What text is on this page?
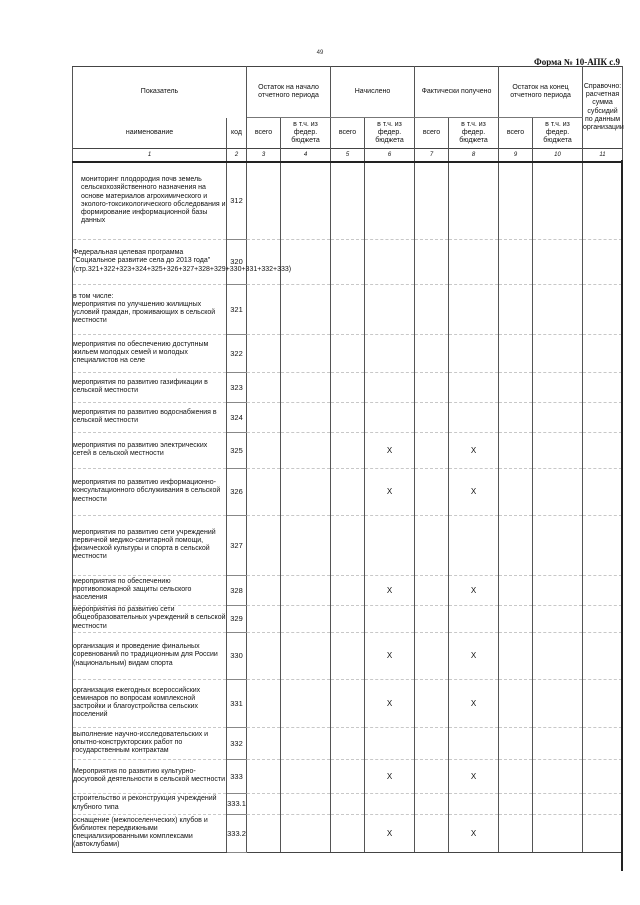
49
Форма № 10-АПК с.9
Показатель		Остаток на начало отчетного периода		Начислено		Фактически получено		Остаток на конец отчетного периода		Справочно: расчетная сумма субсидий по данным организации
наименование	код	всего	в т.ч. из федер. бюджета	всего	в т.ч. из федер. бюджета	всего	в т.ч. из федер. бюджета	всего	в т.ч. из федер. бюджета	
1	2	3	4	5	6	7	8	9	10	11
мониторинг плодородия почв земель сельскохозяйственного назначения на основе материалов агрохимического и эколого-токсикологического обследования и формирование информационной базы данных	312									
Федеральная целевая программа "Социальное развитие села до 2013 года" (стр.321+322+323+324+325+326+327+328+329+330+331+332+333)	320									
в том числе:
мероприятия по улучшению жилищных условий граждан, проживающих в сельской местности	321									
мероприятия по обеспечению доступным жильем молодых семей и молодых специалистов на селе	322									
мероприятия по развитию газификации в сельской местности	323									
мероприятия по развитию водоснабжения в сельской местности	324									
мероприятия по развитию электрических сетей в сельской местности	325				X		X			
мероприятия по развитию информационно-консультационного обслуживания в сельской местности	326				X		X			
мероприятия по развитию сети учреждений первичной медико-санитарной помощи, физической культуры и спорта в сельской местности	327									
мероприятия по обеспечению противопожарной защиты сельского населения	328				X		X			
мероприятия по развитию сети общеобразовательных учреждений в сельской местности	329									
организация и проведение финальных соревнований по традиционным для России (национальным) видам спорта	330				X		X			
организация ежегодных всероссийских семинаров по вопросам комплексной застройки и благоустройства сельских поселений	331				X		X			
выполнение научно-исследовательских и опытно-конструкторских работ по государственным контрактам	332									
Мероприятия по развитию культурно-досуговой деятельности в сельской местности	333				X		X			
строительство и реконструкция учреждений клубного типа	333.1									
оснащение (межпоселенческих) клубов и библиотек передвижными специализированными комплексами (автоклубами)	333.2				X		X			
